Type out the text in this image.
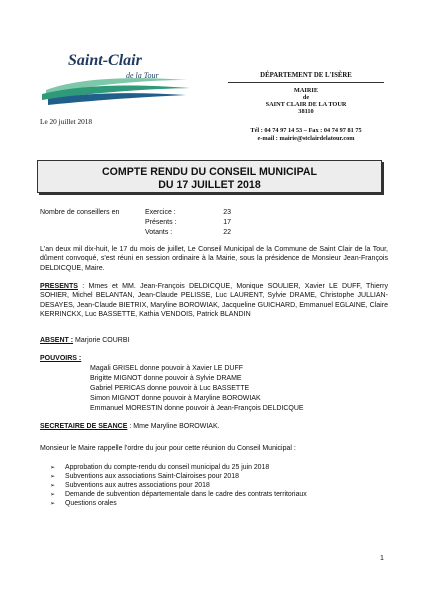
Saint-Clair
de la Tour	DÉPARTEMENT DE L'ISÈRE
MAIRIE
de
SAINT CLAIR DE LA TOUR
38110
Tél : 04 74 97 14 53 – Fax : 04 74 97 81 75
e-mail : mairie@stclairdelatour.com
Le 20 juillet 2018
COMPTE RENDU DU CONSEIL MUNICIPAL
DU 17 JUILLET 2018
Nombre de conseillers en	Exercice :	23
Présents :	17
Votants :	22
L'an deux mil dix-huit, le 17 du mois de juillet, Le Conseil Municipal de la Commune de Saint Clair de la Tour, dûment convoqué, s'est réuni en session ordinaire à la Mairie, sous la présidence de Monsieur Jean-François DELDICQUE, Maire.
PRESENTS : Mmes et MM. Jean-François DELDICQUE, Monique SOULIER, Xavier LE DUFF, Thierry SOHIER, Michel BELANTAN, Jean-Claude PELISSE, Luc LAURENT, Sylvie DRAME, Christophe JULLIAN-DESAYES, Jean-Claude BIETRIX, Maryline BOROWIAK, Jacqueline GUICHARD, Emmanuel EGLAINE, Claire KERRINCKX, Luc BASSETTE, Kathia VENDOIS, Patrick BLANDIN
ABSENT : Marjorie COURBI
POUVOIRS :
Magali GRISEL donne pouvoir à Xavier LE DUFF
Brigitte MIGNOT donne pouvoir à Sylvie DRAME
Gabriel PERICAS donne pouvoir à Luc BASSETTE
Simon MIGNOT donne pouvoir à Maryline BOROWIAK
Emmanuel MORESTIN donne pouvoir à Jean-François DELDICQUE
SECRETAIRE DE SEANCE : Mme Maryline BOROWIAK.
Monsieur le Maire rappelle l'ordre du jour pour cette réunion du Conseil Municipal :
➢ Approbation du compte-rendu du conseil municipal du 25 juin 2018
➢ Subventions aux associations Saint-Clairoises pour 2018
➢ Subventions aux autres associations pour 2018
➢ Demande de subvention départementale dans le cadre des contrats territoriaux
➢ Questions orales
1
